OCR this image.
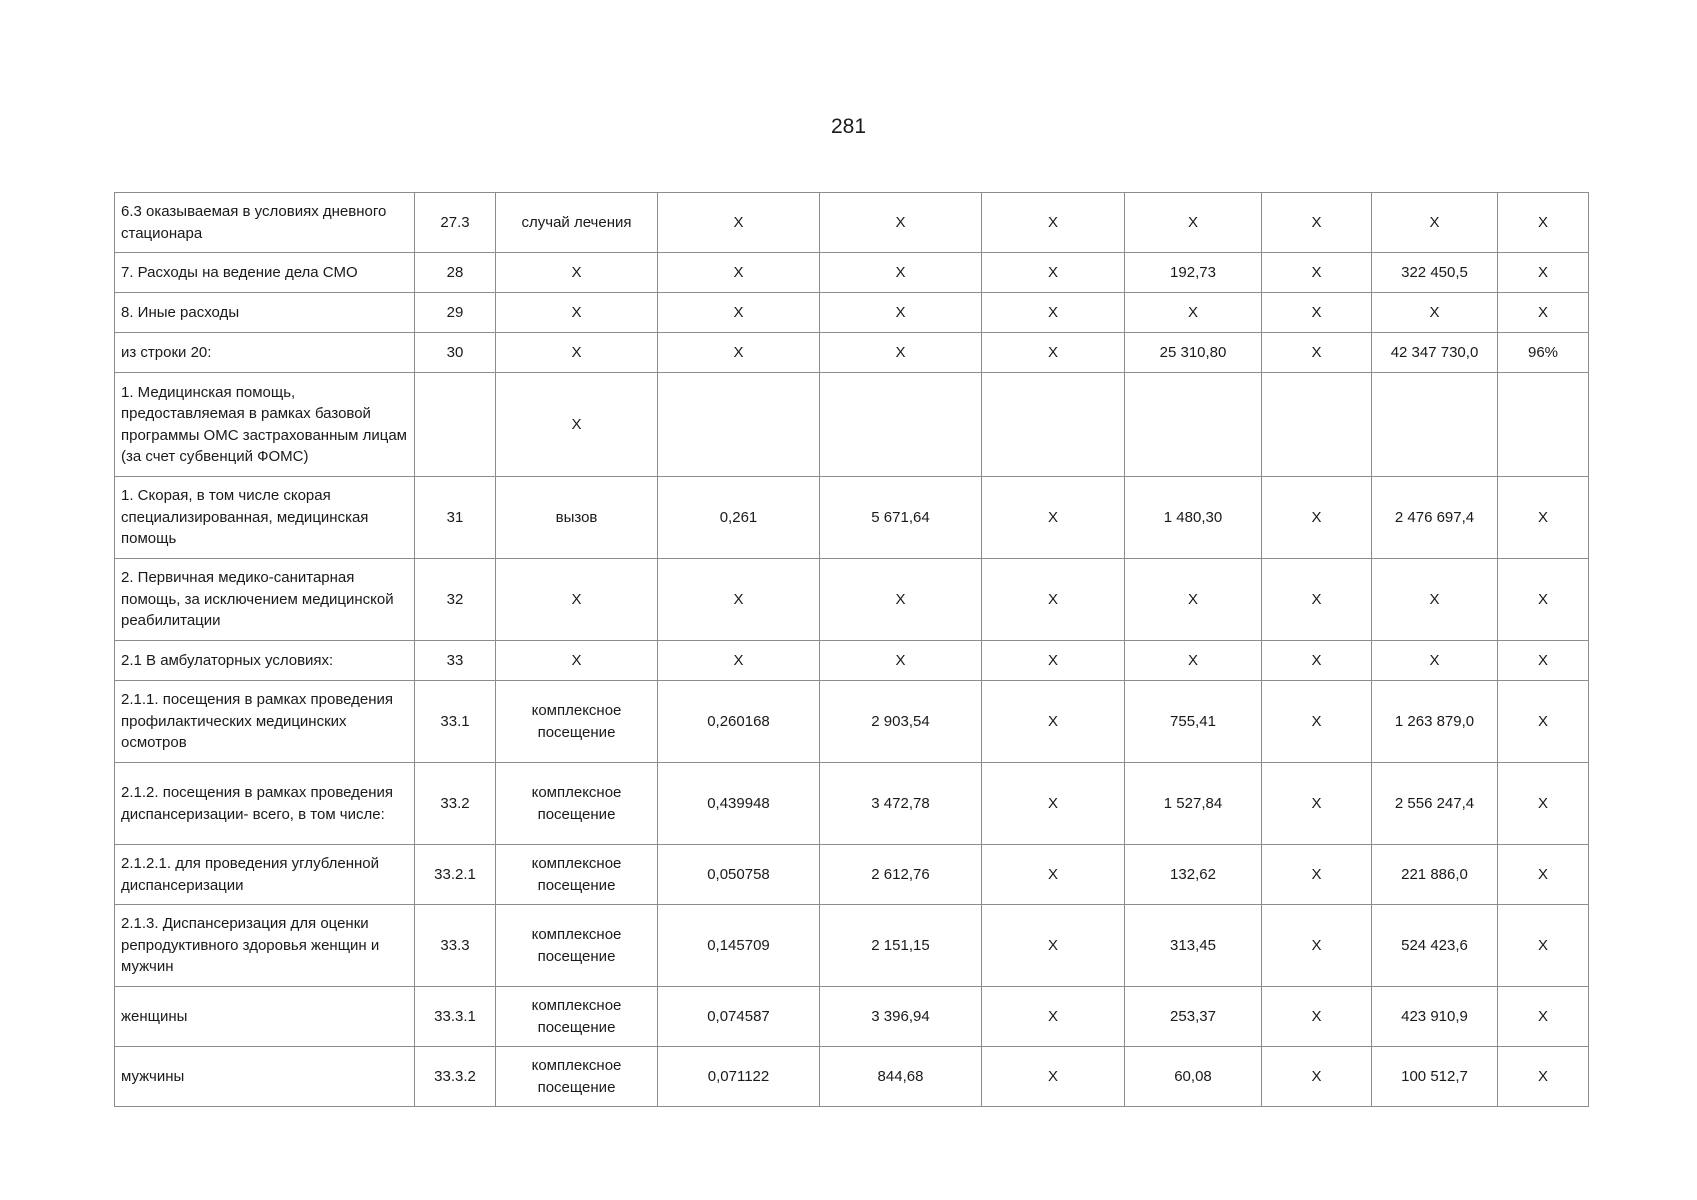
281
6.3 оказываемая в условиях дневного стационара	27.3	случай лечения	Х	Х	Х	Х	Х	Х	Х
7. Расходы на ведение дела СМО	28	Х	Х	Х	Х	192,73	Х	322 450,5	Х
8. Иные расходы	29	Х	Х	Х	Х	Х	Х	Х	Х
из строки 20:	30	Х	Х	Х	Х	25 310,80	Х	42 347 730,0	96%
1. Медицинская помощь, предоставляемая в рамках базовой программы ОМС застрахованным лицам (за счет субвенций ФОМС)		Х							
1. Скорая, в том числе скорая специализированная, медицинская помощь	31	вызов	0,261	5 671,64	Х	1 480,30	Х	2 476 697,4	Х
2. Первичная медико-санитарная помощь, за исключением медицинской реабилитации	32	Х	Х	Х	Х	Х	Х	Х	Х
2.1 В амбулаторных условиях:	33	Х	Х	Х	Х	Х	Х	Х	Х
2.1.1. посещения в рамках проведения профилактических медицинских осмотров	33.1	комплексное посещение	0,260168	2 903,54	Х	755,41	Х	1 263 879,0	Х
2.1.2. посещения в рамках проведения диспансеризации- всего, в том числе:	33.2	комплексное посещение	0,439948	3 472,78	Х	1 527,84	Х	2 556 247,4	Х
2.1.2.1. для проведения углубленной диспансеризации	33.2.1	комплексное посещение	0,050758	2 612,76	Х	132,62	Х	221 886,0	Х
2.1.3. Диспансеризация для оценки репродуктивного здоровья женщин и мужчин	33.3	комплексное посещение	0,145709	2 151,15	Х	313,45	Х	524 423,6	Х
женщины	33.3.1	комплексное посещение	0,074587	3 396,94	Х	253,37	Х	423 910,9	Х
мужчины	33.3.2	комплексное посещение	0,071122	844,68	Х	60,08	Х	100 512,7	Х
